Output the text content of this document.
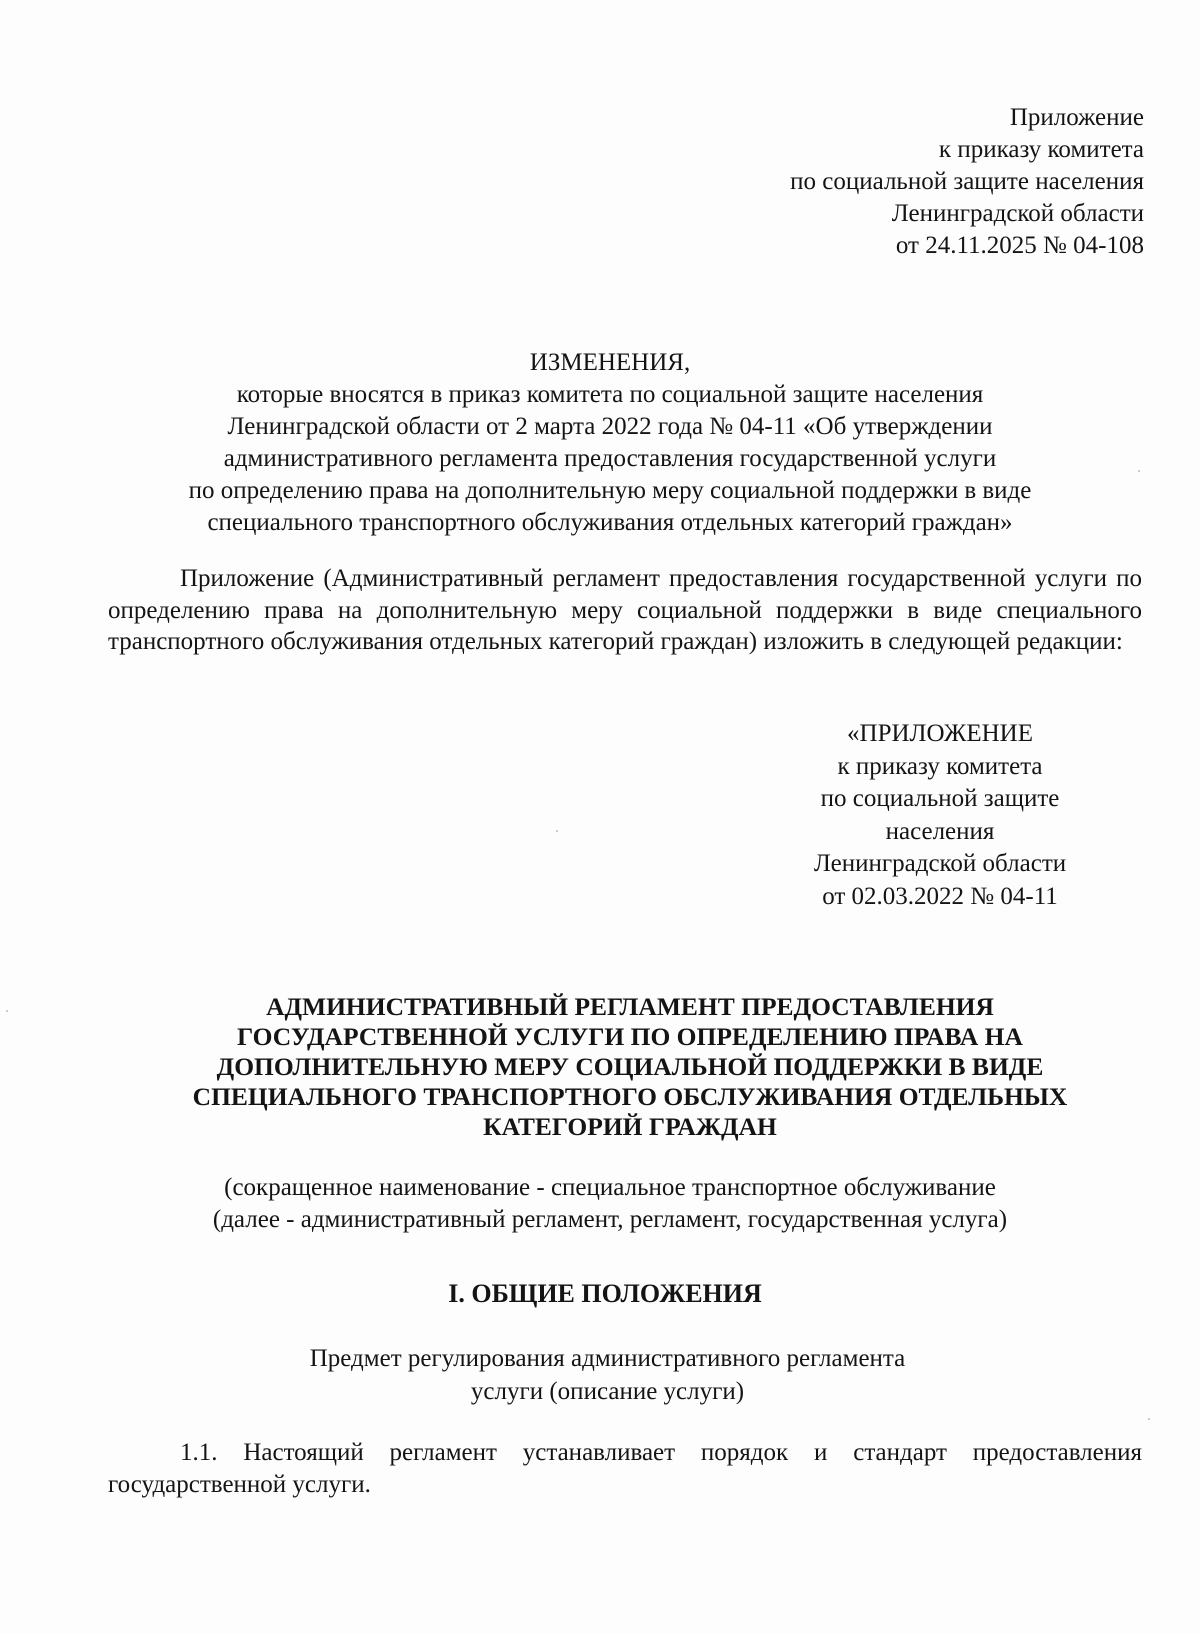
Приложение
к приказу комитета
по социальной защите населения
Ленинградской области
от 24.11.2025 № 04-108
ИЗМЕНЕНИЯ,
которые вносятся в приказ комитета по социальной защите населения
Ленинградской области от 2 марта 2022 года № 04-11 «Об утверждении
административного регламента предоставления государственной услуги
по определению права на дополнительную меру социальной поддержки в виде
специального транспортного обслуживания отдельных категорий граждан»
Приложение (Административный регламент предоставления государственной услуги по определению права на дополнительную меру социальной поддержки в виде специального транспортного обслуживания отдельных категорий граждан) изложить в следующей редакции:
«ПРИЛОЖЕНИЕ
к приказу комитета
по социальной защите
населения
Ленинградской области
от 02.03.2022 № 04-11
АДМИНИСТРАТИВНЫЙ РЕГЛАМЕНТ ПРЕДОСТАВЛЕНИЯ
ГОСУДАРСТВЕННОЙ УСЛУГИ ПО ОПРЕДЕЛЕНИЮ ПРАВА НА
ДОПОЛНИТЕЛЬНУЮ МЕРУ СОЦИАЛЬНОЙ ПОДДЕРЖКИ В ВИДЕ
СПЕЦИАЛЬНОГО ТРАНСПОРТНОГО ОБСЛУЖИВАНИЯ ОТДЕЛЬНЫХ
КАТЕГОРИЙ ГРАЖДАН
(сокращенное наименование - специальное транспортное обслуживание
(далее - административный регламент, регламент, государственная услуга)
I. ОБЩИЕ ПОЛОЖЕНИЯ
Предмет регулирования административного регламента
услуги (описание услуги)
1.1. Настоящий регламент устанавливает порядок и стандарт предоставления государственной услуги.
